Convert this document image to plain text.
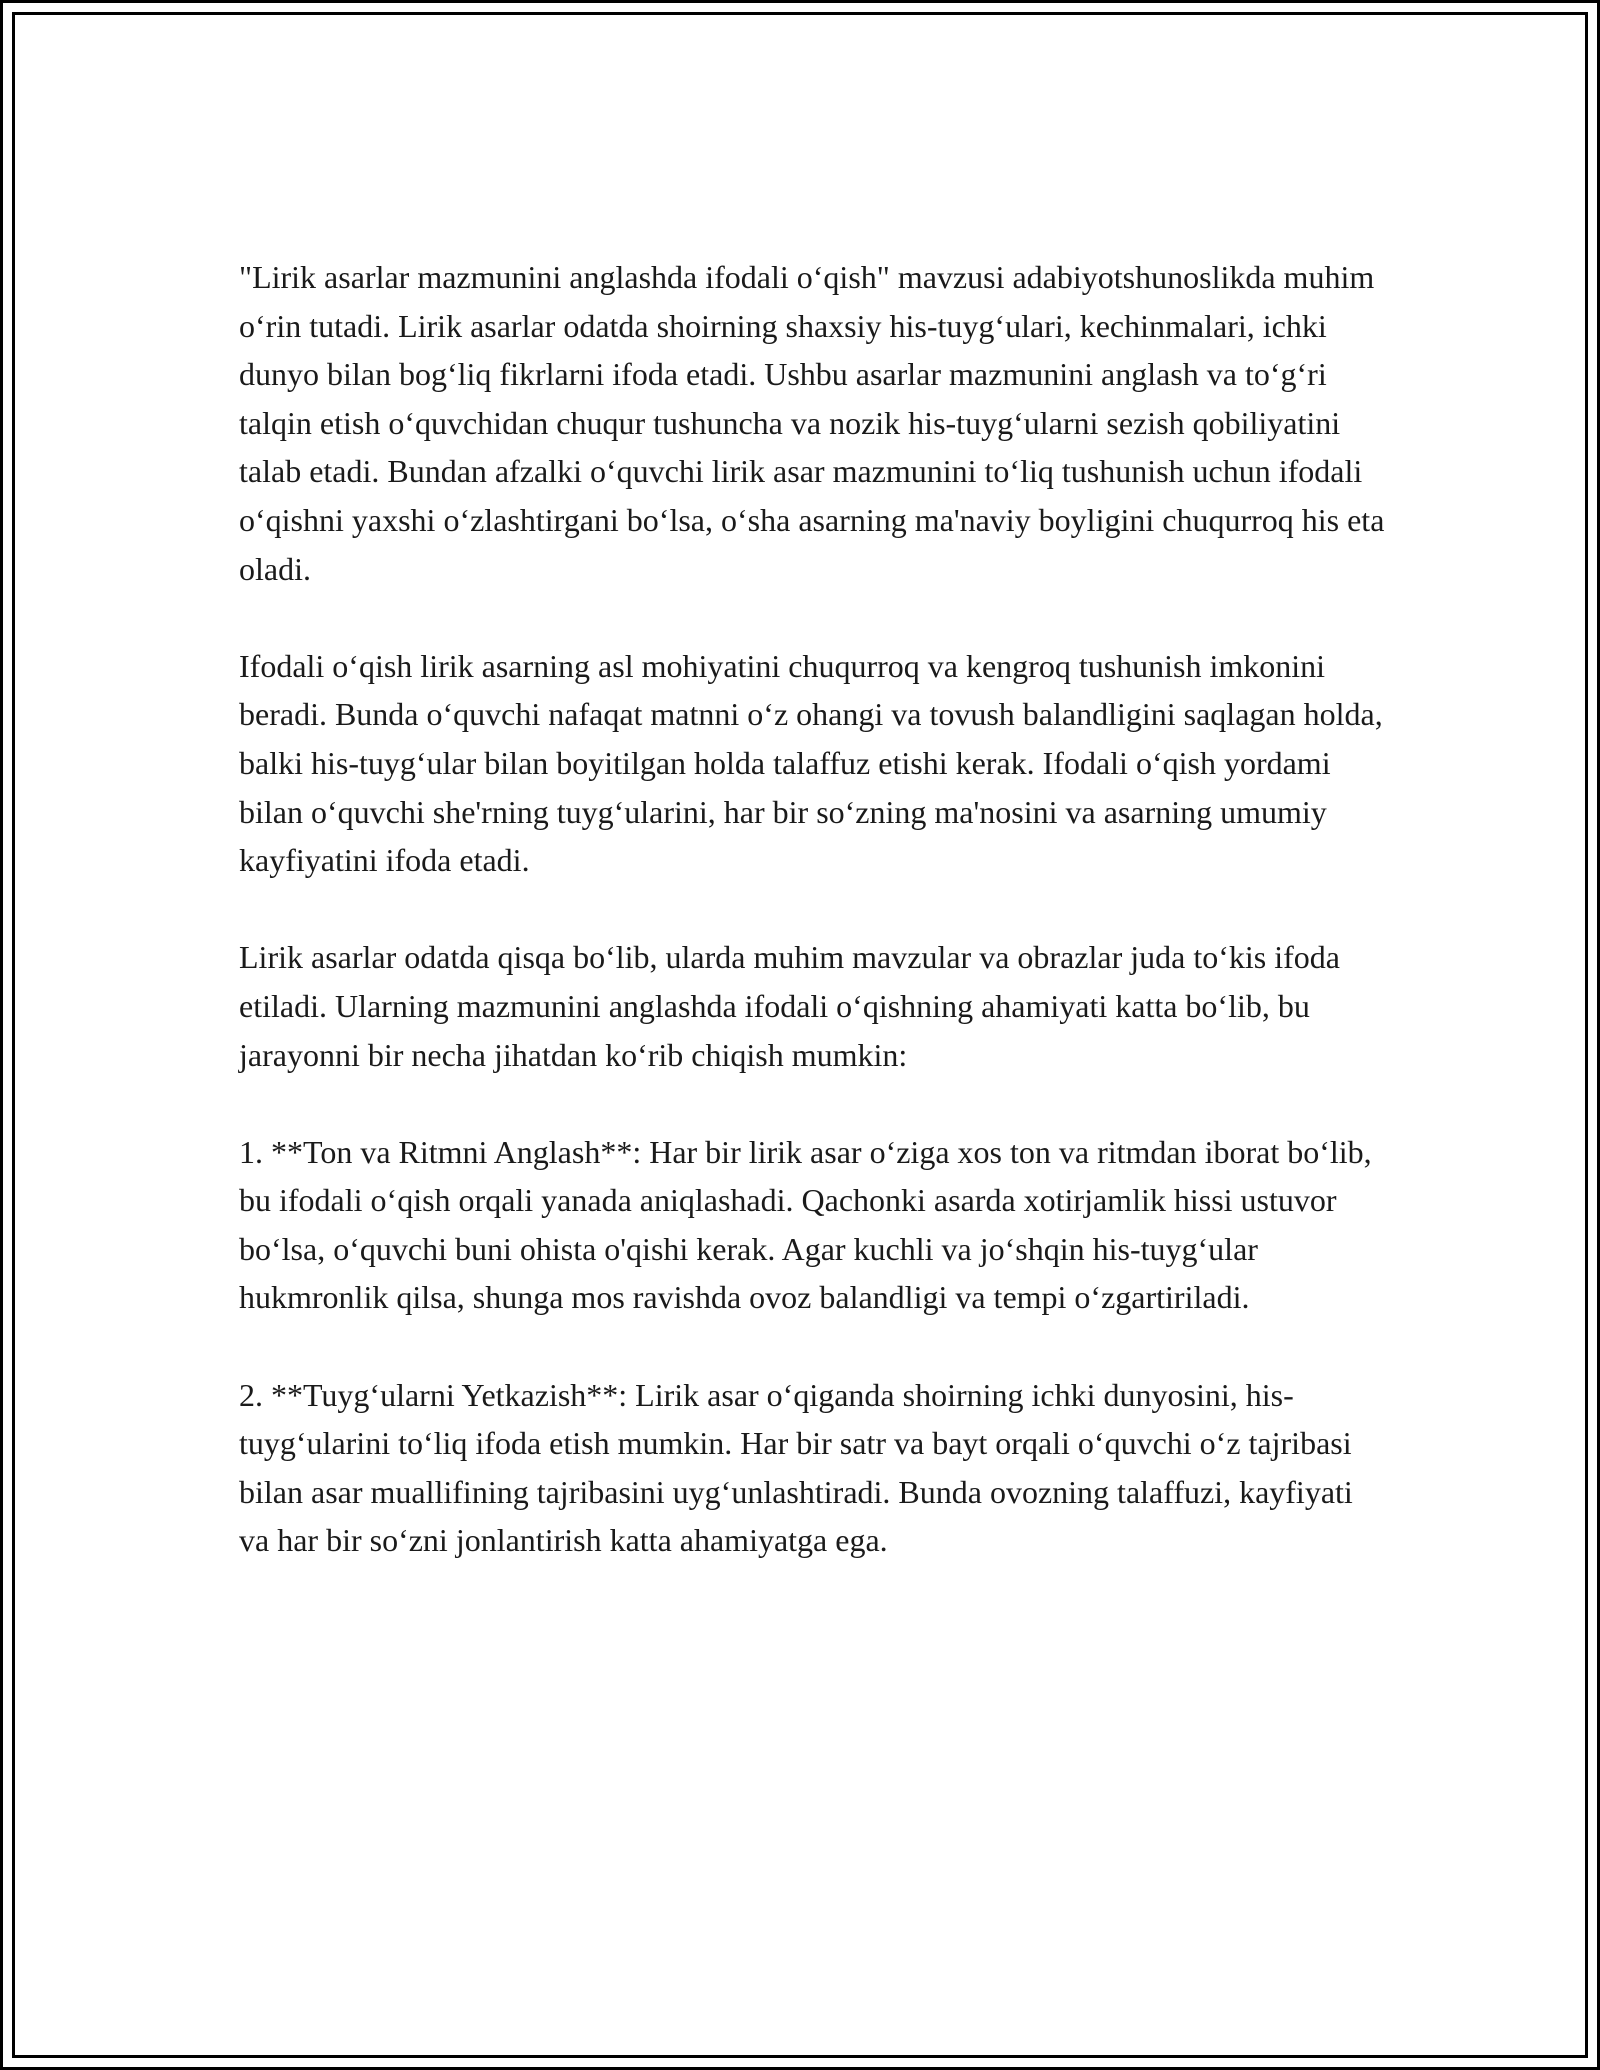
"Lirik asarlar mazmunini anglashda ifodali o‘qish" mavzusi adabiyotshunoslikda muhim o‘rin tutadi. Lirik asarlar odatda shoirning shaxsiy his-tuyg‘ulari, kechinmalari, ichki dunyo bilan bog‘liq fikrlarni ifoda etadi. Ushbu asarlar mazmunini anglash va to‘g‘ri talqin etish o‘quvchidan chuqur tushuncha va nozik his-tuyg‘ularni sezish qobiliyatini talab etadi. Bundan afzalki o‘quvchi lirik asar mazmunini to‘liq tushunish uchun ifodali o‘qishni yaxshi o‘zlashtirgani bo‘lsa, o‘sha asarning ma'naviy boyligini chuqurroq his eta oladi.

Ifodali o‘qish lirik asarning asl mohiyatini chuqurroq va kengroq tushunish imkonini beradi. Bunda o‘quvchi nafaqat matnni o‘z ohangi va tovush balandligini saqlagan holda, balki his-tuyg‘ular bilan boyitilgan holda talaffuz etishi kerak. Ifodali o‘qish yordami bilan o‘quvchi she'rning tuyg‘ularini, har bir so‘zning ma'nosini va asarning umumiy kayfiyatini ifoda etadi.

Lirik asarlar odatda qisqa bo‘lib, ularda muhim mavzular va obrazlar juda to‘kis ifoda etiladi. Ularning mazmunini anglashda ifodali o‘qishning ahamiyati katta bo‘lib, bu jarayonni bir necha jihatdan ko‘rib chiqish mumkin:

1. **Ton va Ritmni Anglash**: Har bir lirik asar o‘ziga xos ton va ritmdan iborat bo‘lib, bu ifodali o‘qish orqali yanada aniqlashadi. Qachonki asarda xotirjamlik hissi ustuvor bo‘lsa, o‘quvchi buni ohista o'qishi kerak. Agar kuchli va jo‘shqin his-tuyg‘ular hukmronlik qilsa, shunga mos ravishda ovoz balandligi va tempi o‘zgartiriladi.

2. **Tuyg‘ularni Yetkazish**: Lirik asar o‘qiganda shoirning ichki dunyosini, his-tuyg‘ularini to‘liq ifoda etish mumkin. Har bir satr va bayt orqali o‘quvchi o‘z tajribasi bilan asar muallifining tajribasini uyg‘unlashtiradi. Bunda ovozning talaffuzi, kayfiyati va har bir so‘zni jonlantirish katta ahamiyatga ega.
